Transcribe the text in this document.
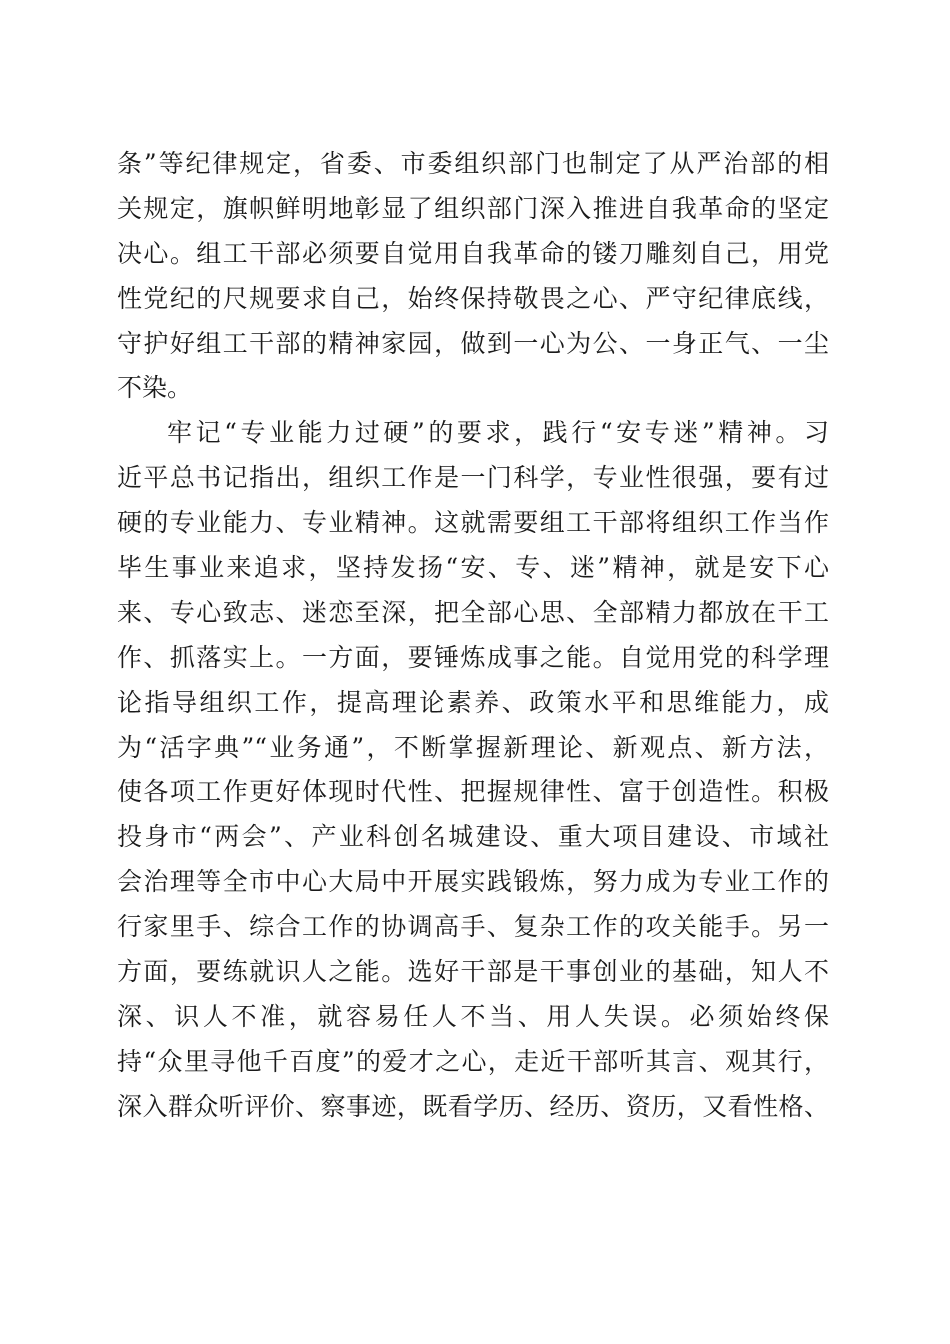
条”等纪律规定，省委、市委组织部门也制定了从严治部的相
关规定，旗帜鲜明地彰显了组织部门深入推进自我革命的坚定
决心。组工干部必须要自觉用自我革命的镂刀雕刻自己，用党
性党纪的尺规要求自己，始终保持敬畏之心、严守纪律底线，
守护好组工干部的精神家园，做到一心为公、一身正气、一尘
不染。
牢记“专业能力过硬”的要求，践行“安专迷”精神。习
近平总书记指出，组织工作是一门科学，专业性很强，要有过
硬的专业能力、专业精神。这就需要组工干部将组织工作当作
毕生事业来追求，坚持发扬“安、专、迷”精神，就是安下心
来、专心致志、迷恋至深，把全部心思、全部精力都放在干工
作、抓落实上。一方面，要锤炼成事之能。自觉用党的科学理
论指导组织工作，提高理论素养、政策水平和思维能力，成
为“活字典”“业务通”，不断掌握新理论、新观点、新方法，
使各项工作更好体现时代性、把握规律性、富于创造性。积极
投身市“两会”、产业科创名城建设、重大项目建设、市域社
会治理等全市中心大局中开展实践锻炼，努力成为专业工作的
行家里手、综合工作的协调高手、复杂工作的攻关能手。另一
方面，要练就识人之能。选好干部是干事创业的基础，知人不
深、识人不准，就容易任人不当、用人失误。必须始终保
持“众里寻他千百度”的爱才之心，走近干部听其言、观其行，
深入群众听评价、察事迹，既看学历、经历、资历，又看性格、
